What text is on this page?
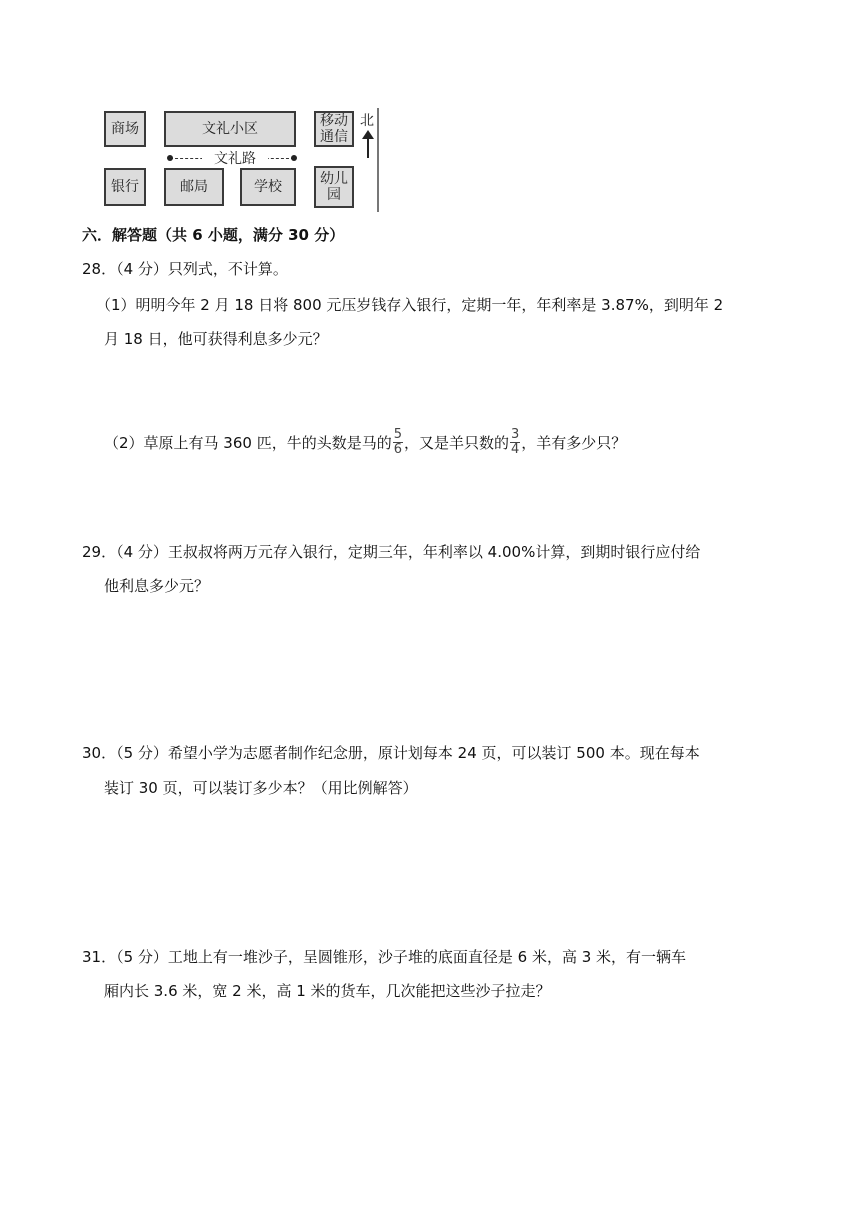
商场	文礼小区	移动
通信
北
文礼路
银行	邮局	学校	幼儿
园
六．解答题（共 6 小题，满分 30 分）
28．（4 分）只列式，不计算。
（1）明明今年 2 月 18 日将 800 元压岁钱存入银行，定期一年，年利率是 3.87%，到明年 2
月 18 日，他可获得利息多少元？
（2）草原上有马 360 匹，牛的头数是马的 $\frac{5}{6}$ ，又是羊只数的 $\frac{3}{4}$ ，羊有多少只？
29．（4 分）王叔叔将两万元存入银行，定期三年，年利率以 4.00%计算，到期时银行应付给
他利息多少元？
30．（5 分）希望小学为志愿者制作纪念册，原计划每本 24 页，可以装订 500 本。现在每本
装订 30 页，可以装订多少本？（用比例解答）
31．（5 分）工地上有一堆沙子，呈圆锥形，沙子堆的底面直径是 6 米，高 3 米，有一辆车
厢内长 3.6 米，宽 2 米，高 1 米的货车，几次能把这些沙子拉走？
